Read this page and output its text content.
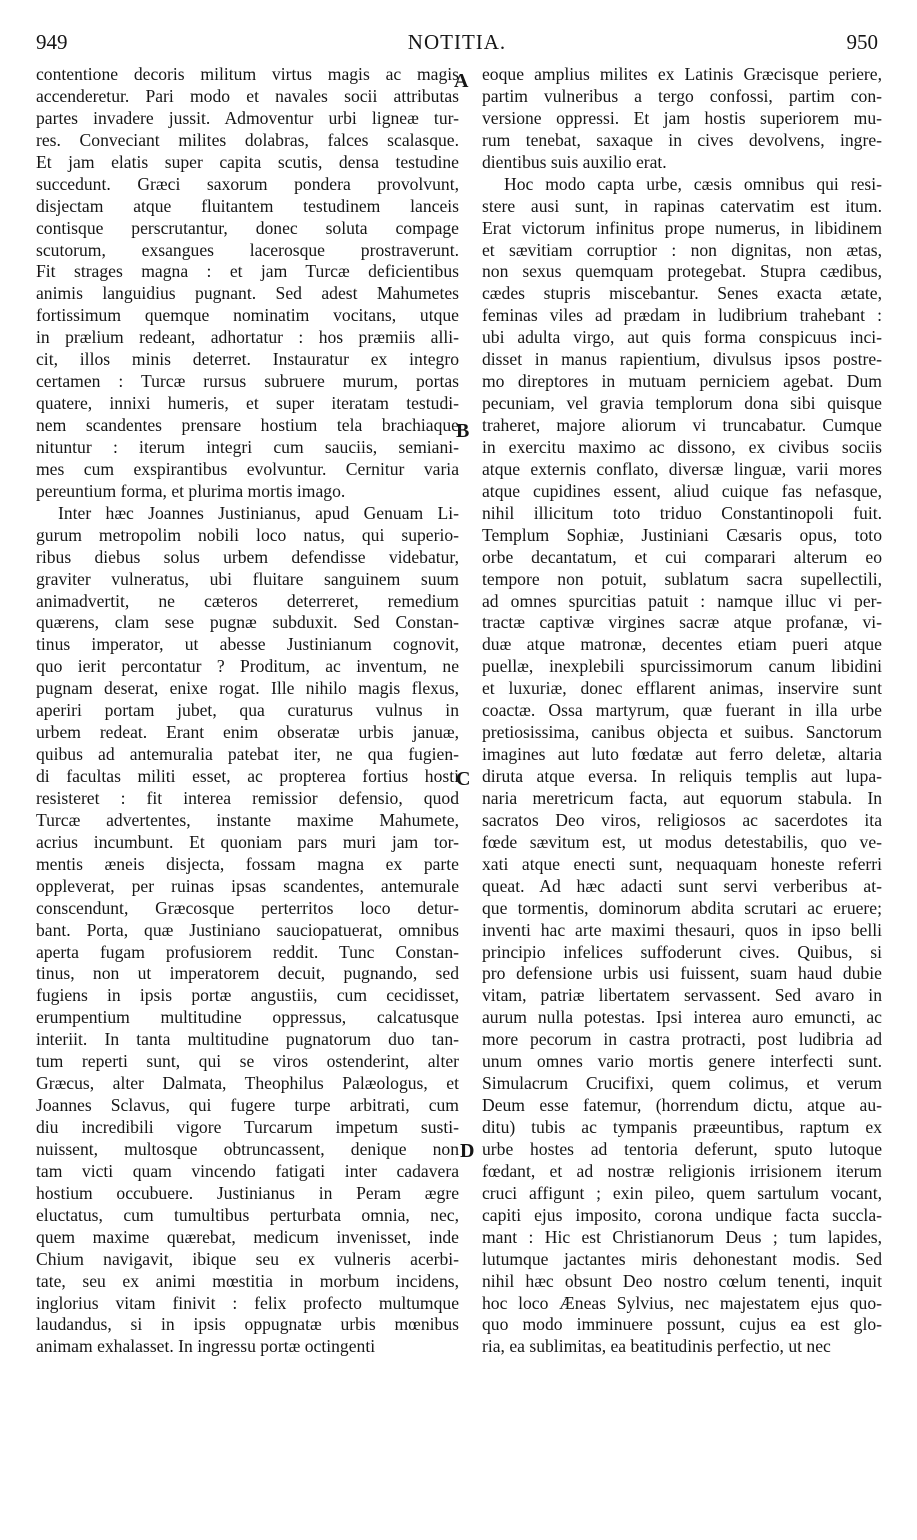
949	NOTITIA.	950
contentione decoris militum virtus magis ac magis
accenderetur. Pari modo et navales socii attributas
partes invadere jussit. Admoventur urbi ligneæ tur-
res. Conveciant milites dolabras, falces scalasque.
Et jam elatis super capita scutis, densa testudine
succedunt. Græci saxorum pondera provolvunt,
disjectam atque fluitantem testudinem lanceis
contisque perscrutantur, donec soluta compage
scutorum, exsangues lacerosque prostraverunt.
Fit strages magna : et jam Turcæ deficientibus
animis languidius pugnant. Sed adest Mahumetes
fortissimum quemque nominatim vocitans, utque
in prælium redeant, adhortatur : hos præmiis alli-
cit, illos minis deterret. Instauratur ex integro
certamen : Turcæ rursus subruere murum, portas
quatere, innixi humeris, et super iteratam testudi-
nem scandentes prensare hostium tela brachiaque
nituntur : iterum integri cum sauciis, semiani-
mes cum exspirantibus evolvuntur. Cernitur varia
pereuntium forma, et plurima mortis imago.
Inter hæc Joannes Justinianus, apud Genuam Li-
gurum metropolim nobili loco natus, qui superio-
ribus diebus solus urbem defendisse videbatur,
graviter vulneratus, ubi fluitare sanguinem suum
animadvertit, ne cæteros deterreret, remedium
quærens, clam sese pugnæ subduxit. Sed Constan-
tinus imperator, ut abesse Justinianum cognovit,
quo ierit percontatur ? Proditum, ac inventum, ne
pugnam deserat, enixe rogat. Ille nihilo magis flexus,
aperiri portam jubet, qua curaturus vulnus in
urbem redeat. Erant enim obseratæ urbis januæ,
quibus ad antemuralia patebat iter, ne qua fugien-
di facultas militi esset, ac propterea fortius hosti
resisteret : fit interea remissior defensio, quod
Turcæ advertentes, instante maxime Mahumete,
acrius incumbunt. Et quoniam pars muri jam tor-
mentis æneis disjecta, fossam magna ex parte
oppleverat, per ruinas ipsas scandentes, antemurale
conscendunt, Græcosque perterritos loco detur-
bant. Porta, quæ Justiniano sauciopatuerat, omnibus
aperta fugam profusiorem reddit. Tunc Constan-
tinus, non ut imperatorem decuit, pugnando, sed
fugiens in ipsis portæ angustiis, cum cecidisset,
erumpentium multitudine oppressus, calcatusque
interiit. In tanta multitudine pugnatorum duo tan-
tum reperti sunt, qui se viros ostenderint, alter
Græcus, alter Dalmata, Theophilus Palæologus, et
Joannes Sclavus, qui fugere turpe arbitrati, cum
diu incredibili vigore Turcarum impetum susti-
nuissent, multosque obtruncassent, denique non
tam victi quam vincendo fatigati inter cadavera
hostium occubuere. Justinianus in Peram ægre
eluctatus, cum tumultibus perturbata omnia, nec,
quem maxime quærebat, medicum invenisset, inde
Chium navigavit, ibique seu ex vulneris acerbi-
tate, seu ex animi mœstitia in morbum incidens,
inglorius vitam finivit : felix profecto multumque
laudandus, si in ipsis oppugnatæ urbis mœnibus
animam exhalasset. In ingressu portæ octingenti
eoque amplius milites ex Latinis Græcisque periere,
partim vulneribus a tergo confossi, partim con-
versione oppressi. Et jam hostis superiorem mu-
rum tenebat, saxaque in cives devolvens, ingre-
dientibus suis auxilio erat.
Hoc modo capta urbe, cæsis omnibus qui resi-
stere ausi sunt, in rapinas catervatim est itum.
Erat victorum infinitus prope numerus, in libidinem
et sævitiam corruptior : non dignitas, non ætas,
non sexus quemquam protegebat. Stupra cædibus,
cædes stupris miscebantur. Senes exacta ætate,
feminas viles ad prædam in ludibrium trahebant :
ubi adulta virgo, aut quis forma conspicuus inci-
disset in manus rapientium, divulsus ipsos postre-
mo direptores in mutuam perniciem agebat. Dum
pecuniam, vel gravia templorum dona sibi quisque
traheret, majore aliorum vi truncabatur. Cumque
in exercitu maximo ac dissono, ex civibus sociis
atque externis conflato, diversæ linguæ, varii mores
atque cupidines essent, aliud cuique fas nefasque,
nihil illicitum toto triduo Constantinopoli fuit.
Templum Sophiæ, Justiniani Cæsaris opus, toto
orbe decantatum, et cui comparari alterum eo
tempore non potuit, sublatum sacra supellectili,
ad omnes spurcitias patuit : namque illuc vi per-
tractæ captivæ virgines sacræ atque profanæ, vi-
duæ atque matronæ, decentes etiam pueri atque
puellæ, inexplebili spurcissimorum canum libidini
et luxuriæ, donec efflarent animas, inservire sunt
coactæ. Ossa martyrum, quæ fuerant in illa urbe
pretiosissima, canibus objecta et suibus. Sanctorum
imagines aut luto fœdatæ aut ferro deletæ, altaria
diruta atque eversa. In reliquis templis aut lupa-
naria meretricum facta, aut equorum stabula. In
sacratos Deo viros, religiosos ac sacerdotes ita
fœde sævitum est, ut modus detestabilis, quo ve-
xati atque enecti sunt, nequaquam honeste referri
queat. Ad hæc adacti sunt servi verberibus at-
que tormentis, dominorum abdita scrutari ac eruere;
inventi hac arte maximi thesauri, quos in ipso belli
principio infelices suffoderunt cives. Quibus, si
pro defensione urbis usi fuissent, suam haud dubie
vitam, patriæ libertatem servassent. Sed avaro in
aurum nulla potestas. Ipsi interea auro emuncti, ac
more pecorum in castra protracti, post ludibria ad
unum omnes vario mortis genere interfecti sunt.
Simulacrum Crucifixi, quem colimus, et verum
Deum esse fatemur, (horrendum dictu, atque au-
ditu) tubis ac tympanis præeuntibus, raptum ex
urbe hostes ad tentoria deferunt, sputo lutoque
fœdant, et ad nostræ religionis irrisionem iterum
cruci affigunt ; exin pileo, quem sartulum vocant,
capiti ejus imposito, corona undique facta succla-
mant : Hic est Christianorum Deus ; tum lapides,
lutumque jactantes miris dehonestant modis. Sed
nihil hæc obsunt Deo nostro cœlum tenenti, inquit
hoc loco Æneas Sylvius, nec majestatem ejus quo-
quo modo imminuere possunt, cujus ea est glo-
ria, ea sublimitas, ea beatitudinis perfectio, ut nec
A
B
C
D
